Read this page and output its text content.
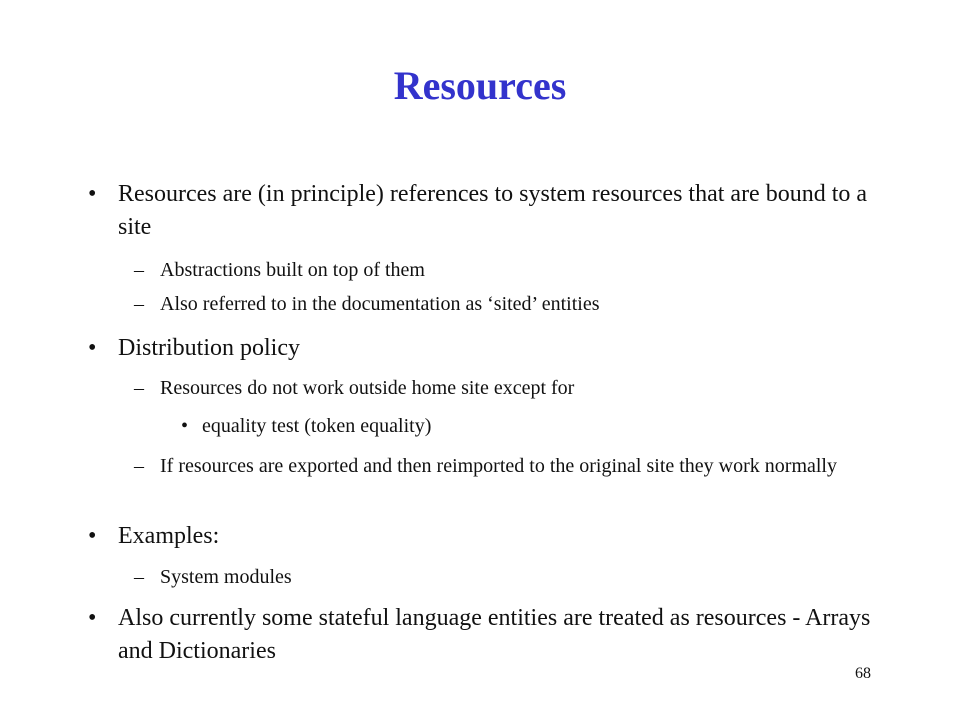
Resources
• Resources are (in principle) references to system resources that are bound to a site
– Abstractions built on top of them
– Also referred to in the documentation as ‘sited’ entities
• Distribution policy
– Resources do not work outside home site except for
• equality test (token equality)
– If resources are exported and then reimported to the original site they work normally
• Examples:
– System modules
• Also currently some stateful language entities are treated as resources - Arrays and Dictionaries
68
